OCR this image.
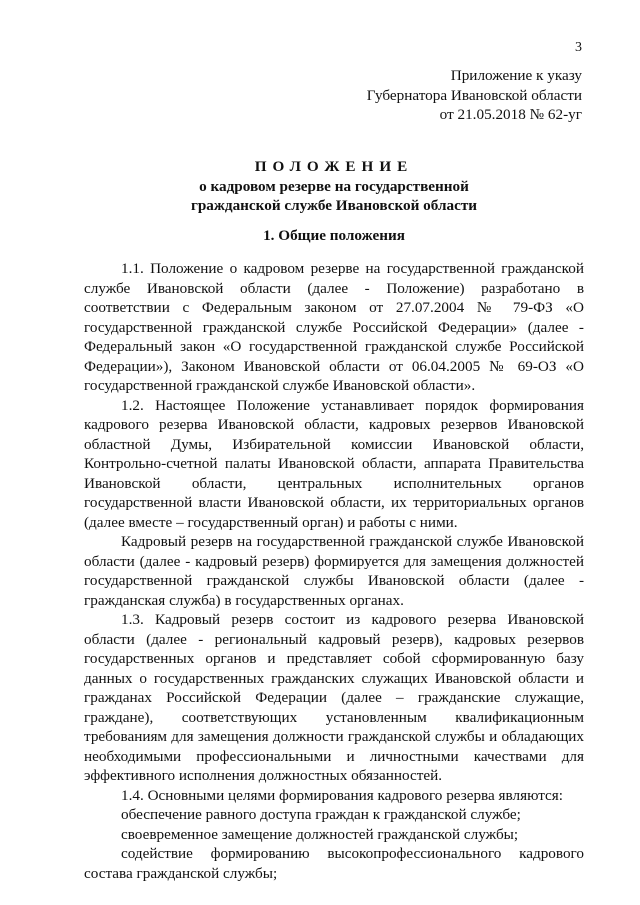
3
Приложение к указу
Губернатора Ивановской области
от 21.05.2018 № 62-уг
ПОЛОЖЕНИЕ
о кадровом резерве на государственной
гражданской службе Ивановской области
1. Общие положения

1.1. Положение о кадровом резерве на государственной гражданской службе Ивановской области (далее - Положение) разработано в соответствии с Федеральным законом от 27.07.2004 № 79-ФЗ «О государственной гражданской службе Российской Федерации» (далее - Федеральный закон «О государственной гражданской службе Российской Федерации»), Законом Ивановской области от 06.04.2005 № 69-ОЗ «О государственной гражданской службе Ивановской области».

1.2. Настоящее Положение устанавливает порядок формирования кадрового резерва Ивановской области, кадровых резервов Ивановской областной Думы, Избирательной комиссии Ивановской области, Контрольно-счетной палаты Ивановской области, аппарата Правительства Ивановской области, центральных исполнительных органов государственной власти Ивановской области, их территориальных органов (далее вместе – государственный орган) и работы с ними.

Кадровый резерв на государственной гражданской службе Ивановской области (далее - кадровый резерв) формируется для замещения должностей государственной гражданской службы Ивановской области (далее - гражданская служба) в государственных органах.

1.3. Кадровый резерв состоит из кадрового резерва Ивановской области (далее - региональный кадровый резерв), кадровых резервов государственных органов и представляет собой сформированную базу данных о государственных гражданских служащих Ивановской области и гражданах Российской Федерации (далее – гражданские служащие, граждане), соответствующих установленным квалификационным требованиям для замещения должности гражданской службы и обладающих необходимыми профессиональными и личностными качествами для эффективного исполнения должностных обязанностей.

1.4. Основными целями формирования кадрового резерва являются:

обеспечение равного доступа граждан к гражданской службе;

своевременное замещение должностей гражданской службы;

содействие формированию высокопрофессионального кадрового состава гражданской службы;
